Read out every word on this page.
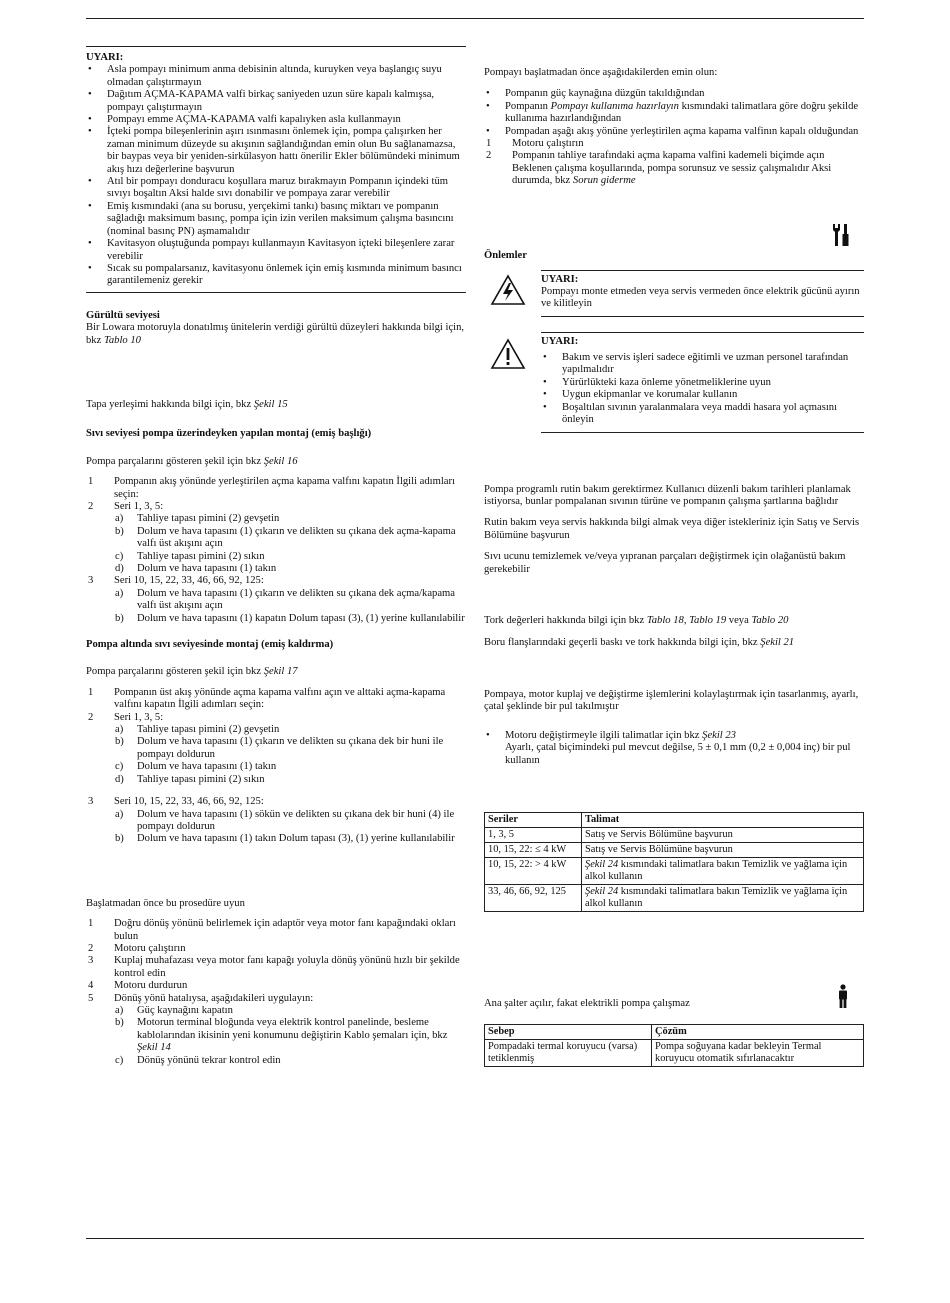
UYARI:

• Asla pompayı minimum anma debisinin altında, kuruyken veya başlangıç suyu olmadan çalıştırmayın

• Dağıtım AÇMA-KAPAMA valfi birkaç saniyeden uzun süre kapalı kalmışsa, pompayı çalıştırmayın

• Pompayı emme AÇMA-KAPAMA valfi kapalıyken asla kullanmayın

• İçteki pompa bileşenlerinin aşırı ısınmasını önlemek için, pompa çalışırken her zaman minimum düzeyde su akışının sağlandığından emin olun Bu sağlanamazsa, bir baypas veya bir yeniden-sirkülasyon hattı önerilir Ekler bölümündeki minimum akış hızı değerlerine başvurun

• Atıl bir pompayı donduracu koşullara maruz bırakmayın Pompanın içindeki tüm sıvıyı boşaltın Aksi halde sıvı donabilir ve pompaya zarar verebilir

• Emiş kısmındaki (ana su borusu, yerçekimi tankı) basınç miktarı ve pompanın sağladığı maksimum basınç, pompa için izin verilen maksimum çalışma basıncını (nominal basınç PN) aşmamalıdır

• Kavitasyon oluştuğunda pompayı kullanmayın Kavitasyon içteki bileşenlere zarar verebilir

• Sıcak su pompalarsanız, kavitasyonu önlemek için emiş kısmında minimum basıncı garantilemeniz gerekir

Gürültü seviyesi

Bir Lowara motoruyla donatılmış ünitelerin verdiği gürültü düzeyleri hakkında bilgi için, bkz Tablo 10

Tapa yerleşimi hakkında bilgi için, bkz Şekil 15

Sıvı seviyesi pompa üzerindeyken yapılan montaj (emiş başlığı)

Pompa parçalarını gösteren şekil için bkz Şekil 16

1 Pompanın akış yönünde yerleştirilen açma kapama valfını kapatın İlgili adımları seçin:

2 Seri 1, 3, 5:

a) Tahliye tapası pimini (2) gevşetin

b) Dolum ve hava tapasını (1) çıkarın ve delikten su çıkana dek açma-kapama valfı üst akışını açın

c) Tahliye tapası pimini (2) sıkın

d) Dolum ve hava tapasını (1) takın

3 Seri 10, 15, 22, 33, 46, 66, 92, 125:

a) Dolum ve hava tapasını (1) çıkarın ve delikten su çıkana dek açma/kapama valfı üst akışını açın

b) Dolum ve hava tapasını (1) kapatın Dolum tapası (3), (1) yerine kullanılabilir

Pompa altında sıvı seviyesinde montaj (emiş kaldırma)

Pompa parçalarını gösteren şekil için bkz Şekil 17

1 Pompanın üst akış yönünde açma kapama valfını açın ve alttaki açma-kapama valfını kapatın İlgili adımları seçin:

2 Seri 1, 3, 5:

a) Tahliye tapası pimini (2) gevşetin

b) Dolum ve hava tapasını (1) çıkarın ve delikten su çıkana dek bir huni ile pompayı doldurun

c) Dolum ve hava tapasını (1) takın

d) Tahliye tapası pimini (2) sıkın

3 Seri 10, 15, 22, 33, 46, 66, 92, 125:

a) Dolum ve hava tapasını (1) sökün ve delikten su çıkana dek bir huni (4) ile pompayı doldurun

b) Dolum ve hava tapasını (1) takın Dolum tapası (3), (1) yerine kullanılabilir

Başlatmadan önce bu prosedüre uyun

1 Doğru dönüş yönünü belirlemek için adaptör veya motor fanı kapağındaki okları bulun

2 Motoru çalıştırın

3 Kuplaj muhafazası veya motor fanı kapağı yoluyla dönüş yönünü hızlı bir şekilde kontrol edin

4 Motoru durdurun

5 Dönüş yönü hatalıysa, aşağıdakileri uygulayın:

a) Güç kaynağını kapatın

b) Motorun terminal bloğunda veya elektrik kontrol panelinde, besleme kablolarından ikisinin yeni konumunu değiştirin Kablo şemaları için, bkz Şekil 14

c) Dönüş yönünü tekrar kontrol edin

Pompayı başlatmadan önce aşağıdakilerden emin olun:

• Pompanın güç kaynağına düzgün takıldığından

• Pompanın Pompayı kullanıma hazırlayın kısmındaki talimatlara göre doğru şekilde kullanıma hazırlandığından

• Pompadan aşağı akış yönüne yerleştirilen açma kapama valfinın kapalı olduğundan

1 Motoru çalıştırın

2 Pompanın tahliye tarafındaki açma kapama valfini kademeli biçimde açın
Beklenen çalışma koşullarında, pompa sorunsuz ve sessiz çalışmalıdır Aksi durumda, bkz Sorun giderme

Önlemler

UYARI:

Pompayı monte etmeden veya servis vermeden önce elektrik gücünü ayırın ve kilitleyin

UYARI:

• Bakım ve servis işleri sadece eğitimli ve uzman personel tarafından yapılmalıdır

• Yürürlükteki kaza önleme yönetmeliklerine uyun

• Uygun ekipmanlar ve korumalar kullanın

• Boşaltılan sıvının yaralanmalara veya maddi hasara yol açmasını önleyin

Pompa programlı rutin bakım gerektirmez Kullanıcı düzenli bakım tarihleri planlamak istiyorsa, bunlar pompalanan sıvının türüne ve pompanın çalışma şartlarına bağlıdır

Rutin bakım veya servis hakkında bilgi almak veya diğer istekleriniz için Satış ve Servis Bölümüne başvurun

Sıvı ucunu temizlemek ve/veya yıpranan parçaları değiştirmek için olağanüstü bakım gerekebilir

Tork değerleri hakkında bilgi için bkz Tablo 18, Tablo 19 veya Tablo 20

Boru flanşlarındaki geçerli baskı ve tork hakkında bilgi için, bkz Şekil 21

Pompaya, motor kuplaj ve değiştirme işlemlerini kolaylaştırmak için tasarlanmış, ayarlı, çatal şeklinde bir pul takılmıştır

• Motoru değiştirmeyle ilgili talimatlar için bkz Şekil 23
Ayarlı, çatal biçimindeki pul mevcut değilse, 5 ± 0,1 mm (0,2 ± 0,004 inç) bir pul kullanın

Seriler	Talimat
1, 3, 5	Satış ve Servis Bölümüne başvurun
10, 15, 22: ≤ 4 kW	Satış ve Servis Bölümüne başvurun
10, 15, 22: > 4 kW	Şekil 24 kısmındaki talimatlara bakın Temizlik ve yağlama için alkol kullanın
33, 46, 66, 92, 125	Şekil 24 kısmındaki talimatlara bakın Temizlik ve yağlama için alkol kullanın

Ana şalter açılır, fakat elektrikli pompa çalışmaz

Sebep	Çözüm
Pompadaki termal koruyucu (varsa) tetiklenmiş	Pompa soğuyana kadar bekleyin Termal koruyucu otomatik sıfırlanacaktır
